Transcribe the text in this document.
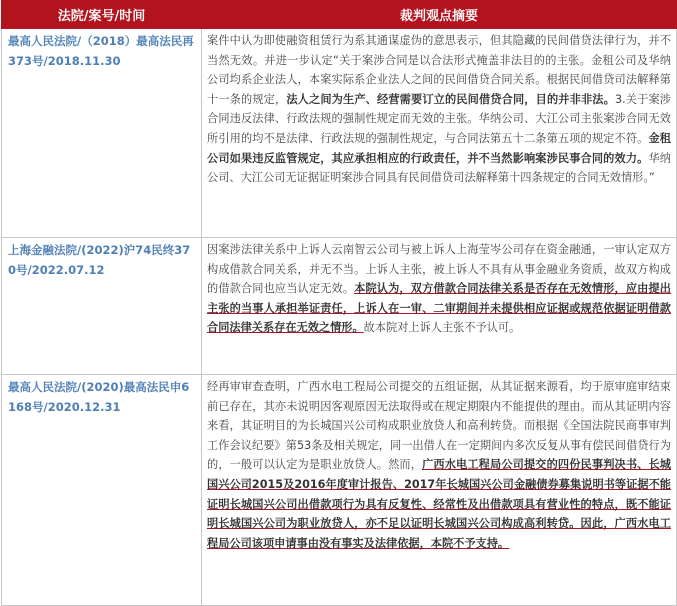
法院/案号/时间	裁判观点摘要
最高人民法院/（2018）最高法民再373号/2018.11.30	案件中认为即使融资租赁行为系其通谋虚伪的意思表示，但其隐藏的民间借贷法律行为，并不当然无效。并进一步认定“关于案涉合同是以合法形式掩盖非法目的的主张。金租公司及华纳公司均系企业法人，本案实际系企业法人之间的民间借贷合同关系。根据民间借贷司法解释第十一条的规定，法人之间为生产、经营需要订立的民间借贷合同，目的并非非法。3.关于案涉合同违反法律、行政法规的强制性规定而无效的主张。华纳公司、大江公司主张案涉合同无效所引用的均不是法律、行政法规的强制性规定，与合同法第五十二条第五项的规定不符。金租公司如果违反监管规定，其应承担相应的行政责任，并不当然影响案涉民事合同的效力。华纳公司、大江公司无证据证明案涉合同具有民间借贷司法解释第十四条规定的合同无效情形。”
上海金融法院/(2022)沪74民终370号/2022.07.12	因案涉法律关系中上诉人云南智云公司与被上诉人上海莹岑公司存在资金融通，一审认定双方构成借款合同关系，并无不当。上诉人主张，被上诉人不具有从事金融业务资质，故双方构成的借款合同也应当认定无效。本院认为，双方借款合同法律关系是否存在无效情形，应由提出主张的当事人承担举证责任，上诉人在一审、二审期间并未提供相应证据或规范依据证明借款合同法律关系存在无效之情形。故本院对上诉人主张不予认可。
最高人民法院/(2020)最高法民申6168号/2020.12.31	经再审审查查明，广西水电工程局公司提交的五组证据，从其证据来源看，均于原审庭审结束前已存在，其亦未说明因客观原因无法取得或在规定期限内不能提供的理由。而从其证明内容来看，其证明目的为长城国兴公司构成职业放贷人和高利转贷。而根据《全国法院民商事审判工作会议纪要》第53条及相关规定，同一出借人在一定期间内多次反复从事有偿民间借贷行为的，一般可以认定为是职业放贷人。然而，广西水电工程局公司提交的四份民事判决书、长城国兴公司2015及2016年度审计报告、2017年长城国兴公司金融债券募集说明书等证据不能证明长城国兴公司出借款项行为具有反复性、经常性及出借款项具有营业性的特点，既不能证明长城国兴公司为职业放贷人，亦不足以证明长城国兴公司构成高利转贷。因此，广西水电工程局公司该项申请事由没有事实及法律依据，本院不予支持。
